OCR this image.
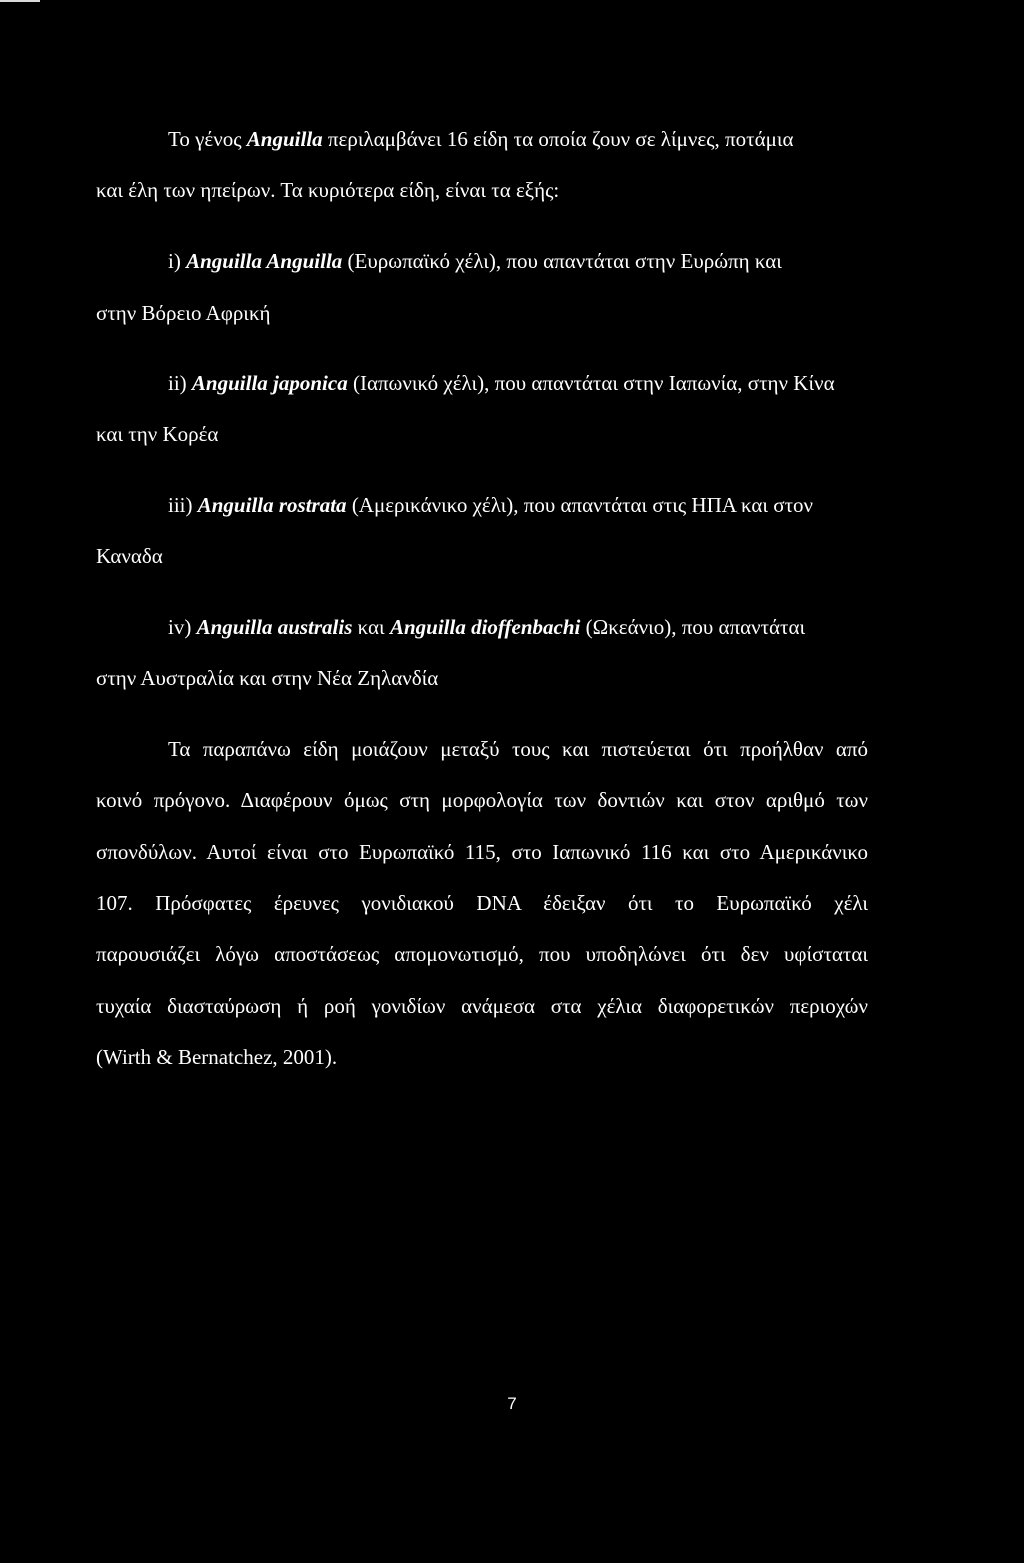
Το γένος Anguilla περιλαμβάνει 16 είδη τα οποία ζουν σε λίμνες, ποτάμια
και έλη των ηπείρων. Τα κυριότερα είδη, είναι τα εξής:
i) Anguilla Anguilla (Ευρωπαϊκό χέλι), που απαντάται στην Ευρώπη και
στην Βόρειο Αφρική
ii) Anguilla japonica (Ιαπωνικό χέλι), που απαντάται στην Ιαπωνία, στην Κίνα
και την Κορέα
iii) Anguilla rostrata (Αμερικάνικο χέλι), που απαντάται στις ΗΠΑ και στον
Καναδα
iv) Anguilla australis και Anguilla dioffenbachi (Ωκεάνιο), που απαντάται
στην Αυστραλία και στην Νέα Ζηλανδία
Τα παραπάνω είδη μοιάζουν μεταξύ τους και πιστεύεται ότι προήλθαν από
κοινό πρόγονο. Διαφέρουν όμως στη μορφολογία των δοντιών και στον αριθμό των
σπονδύλων. Αυτοί είναι στο Ευρωπαϊκό 115, στο Ιαπωνικό 116 και στο Αμερικάνικο
107. Πρόσφατες έρευνες γονιδιακού DNA έδειξαν ότι το Ευρωπαϊκό χέλι
παρουσιάζει λόγω αποστάσεως απομονωτισμό, που υποδηλώνει ότι δεν υφίσταται
τυχαία διασταύρωση ή ροή γονιδίων ανάμεσα στα χέλια διαφορετικών περιοχών
(Wirth & Bernatchez, 2001).
7
